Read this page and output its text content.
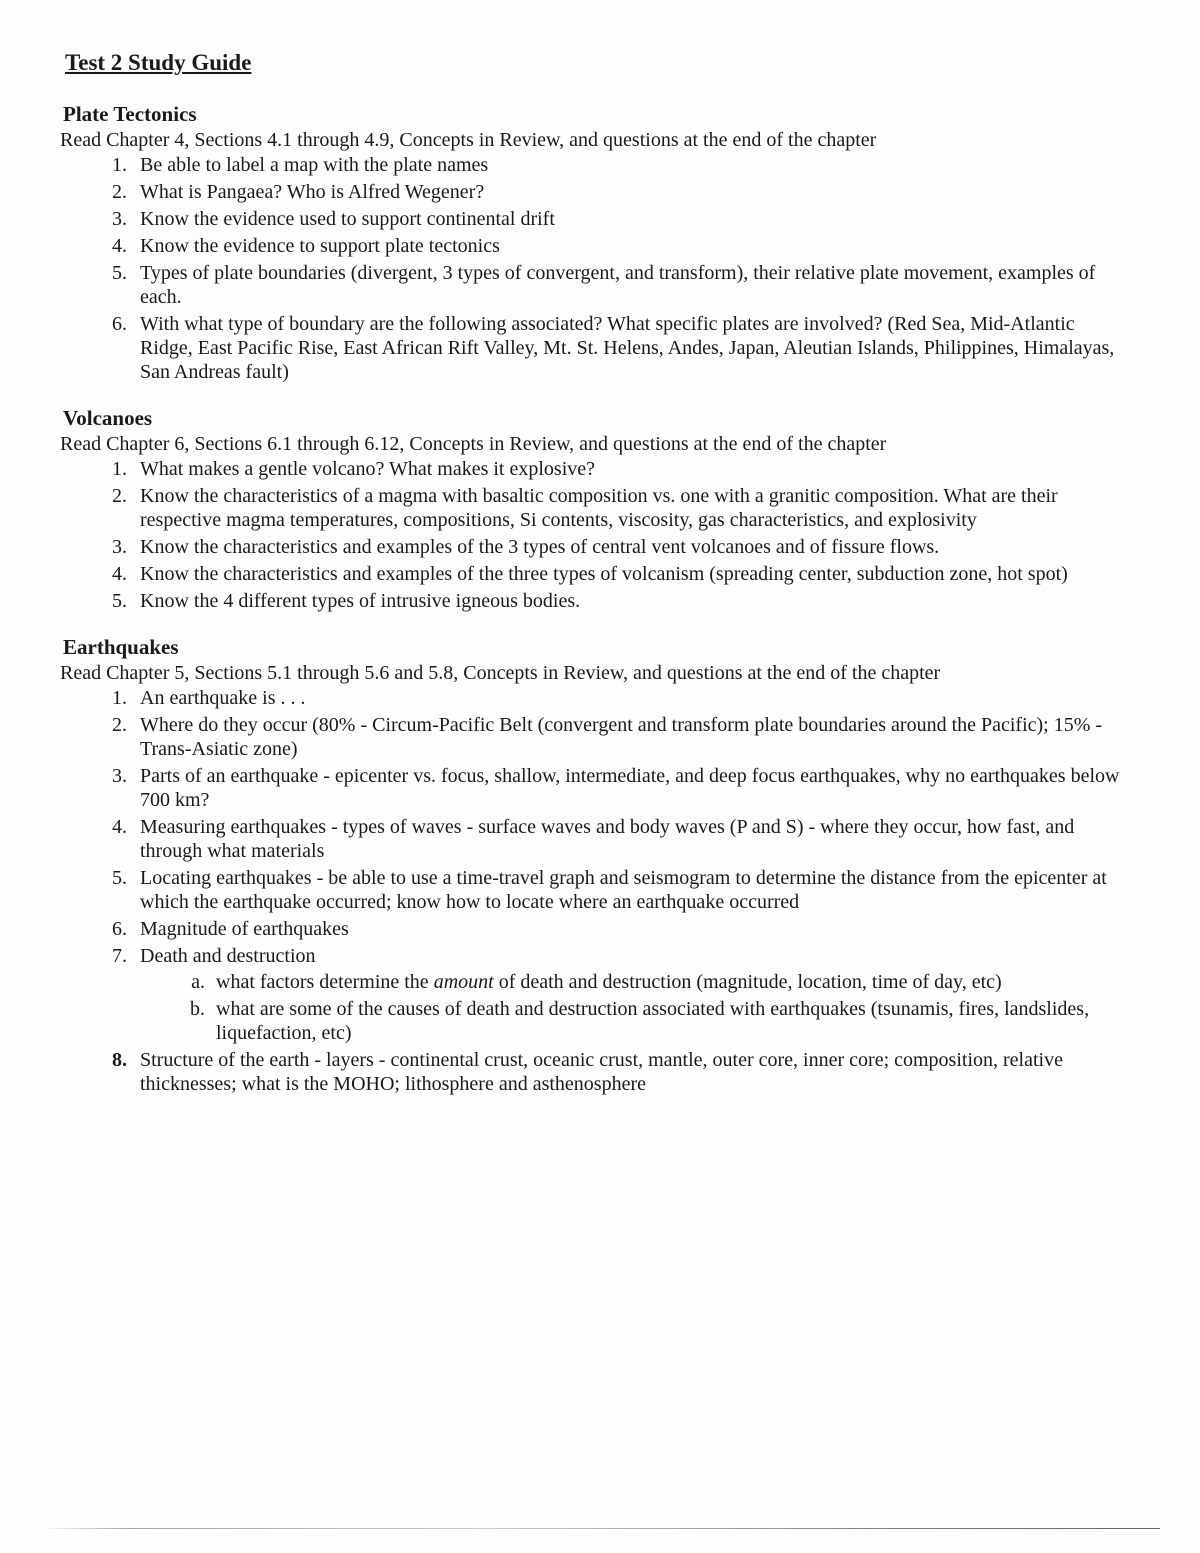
Test 2 Study Guide
Plate Tectonics

Read Chapter 4, Sections 4.1 through 4.9, Concepts in Review, and questions at the end of the chapter

1. Be able to label a map with the plate names
2. What is Pangaea? Who is Alfred Wegener?
3. Know the evidence used to support continental drift
4. Know the evidence to support plate tectonics
5. Types of plate boundaries (divergent, 3 types of convergent, and transform), their relative plate movement, examples of each.
6. With what type of boundary are the following associated? What specific plates are involved? (Red Sea, Mid-Atlantic Ridge, East Pacific Rise, East African Rift Valley, Mt. St. Helens, Andes, Japan, Aleutian Islands, Philippines, Himalayas, San Andreas fault)
Volcanoes

Read Chapter 6, Sections 6.1 through 6.12, Concepts in Review, and questions at the end of the chapter

1. What makes a gentle volcano? What makes it explosive?
2. Know the characteristics of a magma with basaltic composition vs. one with a granitic composition. What are their respective magma temperatures, compositions, Si contents, viscosity, gas characteristics, and explosivity
3. Know the characteristics and examples of the 3 types of central vent volcanoes and of fissure flows.
4. Know the characteristics and examples of the three types of volcanism (spreading center, subduction zone, hot spot)
5. Know the 4 different types of intrusive igneous bodies.
Earthquakes

Read Chapter 5, Sections 5.1 through 5.6 and 5.8, Concepts in Review, and questions at the end of the chapter

1. An earthquake is . . .
2. Where do they occur (80% - Circum-Pacific Belt (convergent and transform plate boundaries around the Pacific); 15% - Trans-Asiatic zone)
3. Parts of an earthquake - epicenter vs. focus, shallow, intermediate, and deep focus earthquakes, why no earthquakes below 700 km?
4. Measuring earthquakes - types of waves - surface waves and body waves (P and S) - where they occur, how fast, and through what materials
5. Locating earthquakes - be able to use a time-travel graph and seismogram to determine the distance from the epicenter at which the earthquake occurred; know how to locate where an earthquake occurred
6. Magnitude of earthquakes
7. Death and destruction
a. what factors determine the amount of death and destruction (magnitude, location, time of day, etc)
b. what are some of the causes of death and destruction associated with earthquakes (tsunamis, fires, landslides, liquefaction, etc)
8. Structure of the earth - layers - continental crust, oceanic crust, mantle, outer core, inner core; composition, relative thicknesses; what is the MOHO; lithosphere and asthenosphere
